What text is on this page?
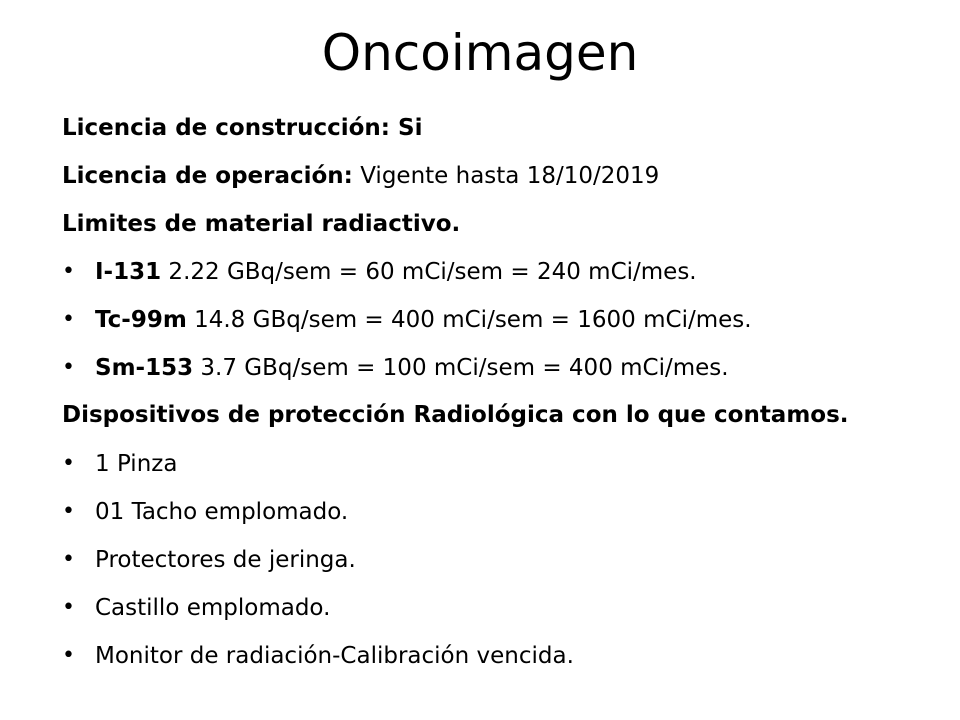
Oncoimagen
Licencia de construcción: Si
Licencia de operación: Vigente hasta 18/10/2019
Limites de material radiactivo.
• I-131 2.22 GBq/sem = 60 mCi/sem = 240 mCi/mes.
• Tc-99m 14.8 GBq/sem = 400 mCi/sem = 1600 mCi/mes.
• Sm-153 3.7 GBq/sem = 100 mCi/sem = 400 mCi/mes.
Dispositivos de protección Radiológica con lo que contamos.
• 1 Pinza
• 01 Tacho emplomado.
• Protectores de jeringa.
• Castillo emplomado.
• Monitor de radiación-Calibración vencida.
